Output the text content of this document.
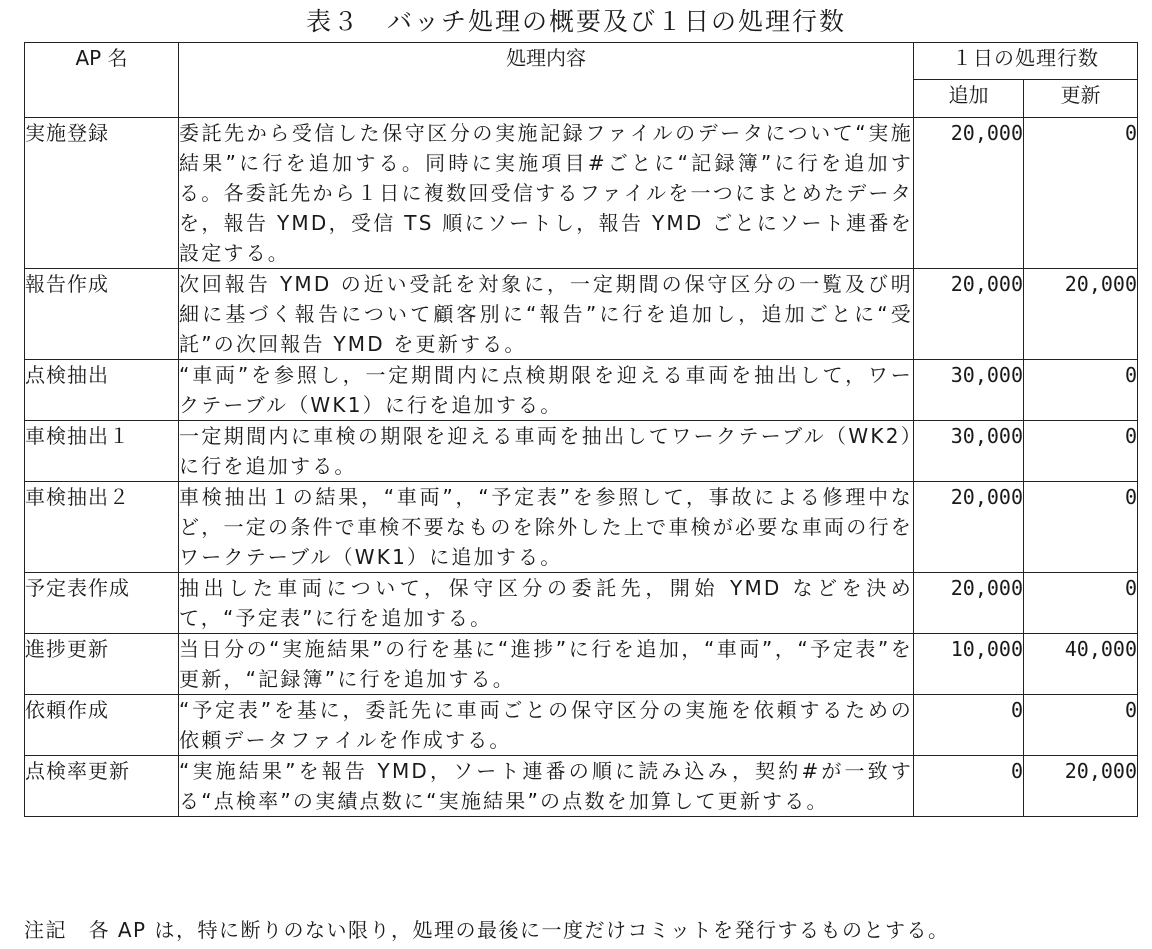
表３　バッチ処理の概要及び１日の処理行数
AP 名	処理内容	１日の処理行数	
		追加	更新
実施登録	委託先から受信した保守区分の実施記録ファイルのデータについて“実施結果”に行を追加する。同時に実施項目#ごとに“記録簿”に行を追加する。各委託先から１日に複数回受信するファイルを一つにまとめたデータを，報告 YMD，受信 TS 順にソートし，報告 YMD ごとにソート連番を設定する。	20,000	0
報告作成	次回報告 YMD の近い受託を対象に，一定期間の保守区分の一覧及び明細に基づく報告について顧客別に“報告”に行を追加し，追加ごとに“受託”の次回報告 YMD を更新する。	20,000	20,000
点検抽出	“車両”を参照し，一定期間内に点検期限を迎える車両を抽出して，ワークテーブル（WK1）に行を追加する。	30,000	0
車検抽出１	一定期間内に車検の期限を迎える車両を抽出してワークテーブル（WK2）に行を追加する。	30,000	0
車検抽出２	車検抽出１の結果，“車両”，“予定表”を参照して，事故による修理中など，一定の条件で車検不要なものを除外した上で車検が必要な車両の行をワークテーブル（WK1）に追加する。	20,000	0
予定表作成	抽出した車両について，保守区分の委託先，開始 YMD などを決めて，“予定表”に行を追加する。	20,000	0
進捗更新	当日分の“実施結果”の行を基に“進捗”に行を追加，“車両”，“予定表”を更新，“記録簿”に行を追加する。	10,000	40,000
依頼作成	“予定表”を基に，委託先に車両ごとの保守区分の実施を依頼するための依頼データファイルを作成する。	0	0
点検率更新	“実施結果”を報告 YMD，ソート連番の順に読み込み，契約#が一致する“点検率”の実績点数に“実施結果”の点数を加算して更新する。	0	20,000
注記　各 AP は，特に断りのない限り，処理の最後に一度だけコミットを発行するものとする。
